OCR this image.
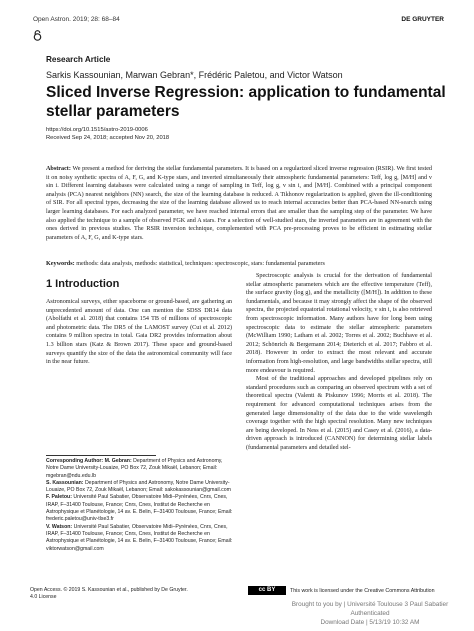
Open Astron. 2019; 28: 68–84	DE GRUYTER
Research Article
Sarkis Kassounian, Marwan Gebran*, Frédéric Paletou, and Victor Watson
Sliced Inverse Regression: application to fundamental stellar parameters
https://doi.org/10.1515/astro-2019-0006
Received Sep 24, 2018; accepted Nov 20, 2018
Abstract: We present a method for deriving the stellar fundamental parameters. It is based on a regularized sliced inverse regression (RSIR). We first tested it on noisy synthetic spectra of A, F, G, and K-type stars, and inverted simultaneously their atmospheric fundamental parameters: Teff, log g, [M/H] and v sin i. Different learning databases were calculated using a range of sampling in Teff, log g, v sin i, and [M/H]. Combined with a principal component analysis (PCA) nearest neighbors (NN) search, the size of the learning database is reduced. A Tikhonov regularization is applied, given the ill-conditioning of SIR. For all spectral types, decreasing the size of the learning database allowed us to reach internal accuracies better than PCA-based NN-search using larger learning databases. For each analyzed parameter, we have reached internal errors that are smaller than the sampling step of the parameter. We have also applied the technique to a sample of observed FGK and A stars. For a selection of well-studied stars, the inverted parameters are in agreement with the ones derived in previous studies. The RSIR inversion technique, complemented with PCA pre-processing proves to be efficient in estimating stellar parameters of A, F, G, and K-type stars.
Keywords: methods: data analysis, methods: statistical, techniques: spectroscopic, stars: fundamental parameters
1 Introduction

Astronomical surveys, either spaceborne or ground-based, are gathering an unprecedented amount of data. One can mention the SDSS DR14 data (Abolfathi et al. 2018) that contains 154 TB of millions of spectroscopic and photometric data. The DR5 of the LAMOST survey (Cui et al. 2012) contains 9 million spectra in total. Gaia DR2 provides information about 1.3 billion stars (Katz & Brown 2017). These space and ground-based surveys quantify the size of the data the astronomical community will face in the near future.

Spectroscopic analysis is crucial for the derivation of fundamental stellar atmospheric parameters which are the effective temperature (Teff), the surface gravity (log g), and the metallicity ([M/H]). In addition to these fundamentals, and because it may strongly affect the shape of the observed spectra, the projected equatorial rotational velocity, v sin i, is also retrieved from spectroscopic information. Many authors have for long been using spectroscopic data to estimate the stellar atmospheric parameters (McWilliam 1990; Latham et al. 2002; Torres et al. 2002; Buchhave et al. 2012; Schönrich & Bergemann 2014; Dieterich et al. 2017; Fabbro et al. 2018). However in order to extract the most relevant and accurate information from high-resolution, and large bandwidths stellar spectra, still more endeavour is required.

Most of the traditional approaches and developed pipelines rely on standard procedures such as comparing an observed spectrum with a set of theoretical spectra (Valenti & Piskunov 1996; Morris et al. 2018). The requirement for advanced computational techniques arises from the generated large dimensionality of the data due to the wide wavelength coverage together with the high spectral resolution. Many new techniques are being developed. In Ness et al. (2015) and Casey et al. (2016), a data-driven approach is introduced (CANNON) for determining stellar labels (fundamental parameters and detailed stel-

Corresponding Author: M. Gebran: Department of Physics and Astronomy, Notre Dame University-Louaize, PO Box 72, Zouk Mikaël, Lebanon; Email: mgebran@ndu.edu.lb
S. Kassounian: Department of Physics and Astronomy, Notre Dame University-Louaize, PO Box 72, Zouk Mikaël, Lebanon; Email: sakokassounian@gmail.com
F. Paletou: Université Paul Sabatier, Observatoire Midi–Pyrénées, Cnrs, Cnes, IRAP, F–31400 Toulouse, France; Cnrs, Cnes, Institut de Recherche en Astrophysique et Planétologie, 14 av. E. Belin, F–31400 Toulouse, France; Email: frederic.paletou@univ-tlse3.fr
V. Watson: Université Paul Sabatier, Observatoire Midi–Pyrénées, Cnrs, Cnes, IRAP, F–31400 Toulouse, France; Cnrs, Cnes, Institut de Recherche en Astrophysique et Planétologie, 14 av. E. Belin, F–31400 Toulouse, France; Email: viktorwatson@gmail.com
Open Access. © 2019 S. Kassounian et al., published by De Gruyter.
4.0 License
cc BY	This work is licensed under the Creative Commons Attribution
Brought to you by | Université Toulouse 3 Paul Sabatier
Authenticated
Download Date | 5/13/19 10:32 AM
